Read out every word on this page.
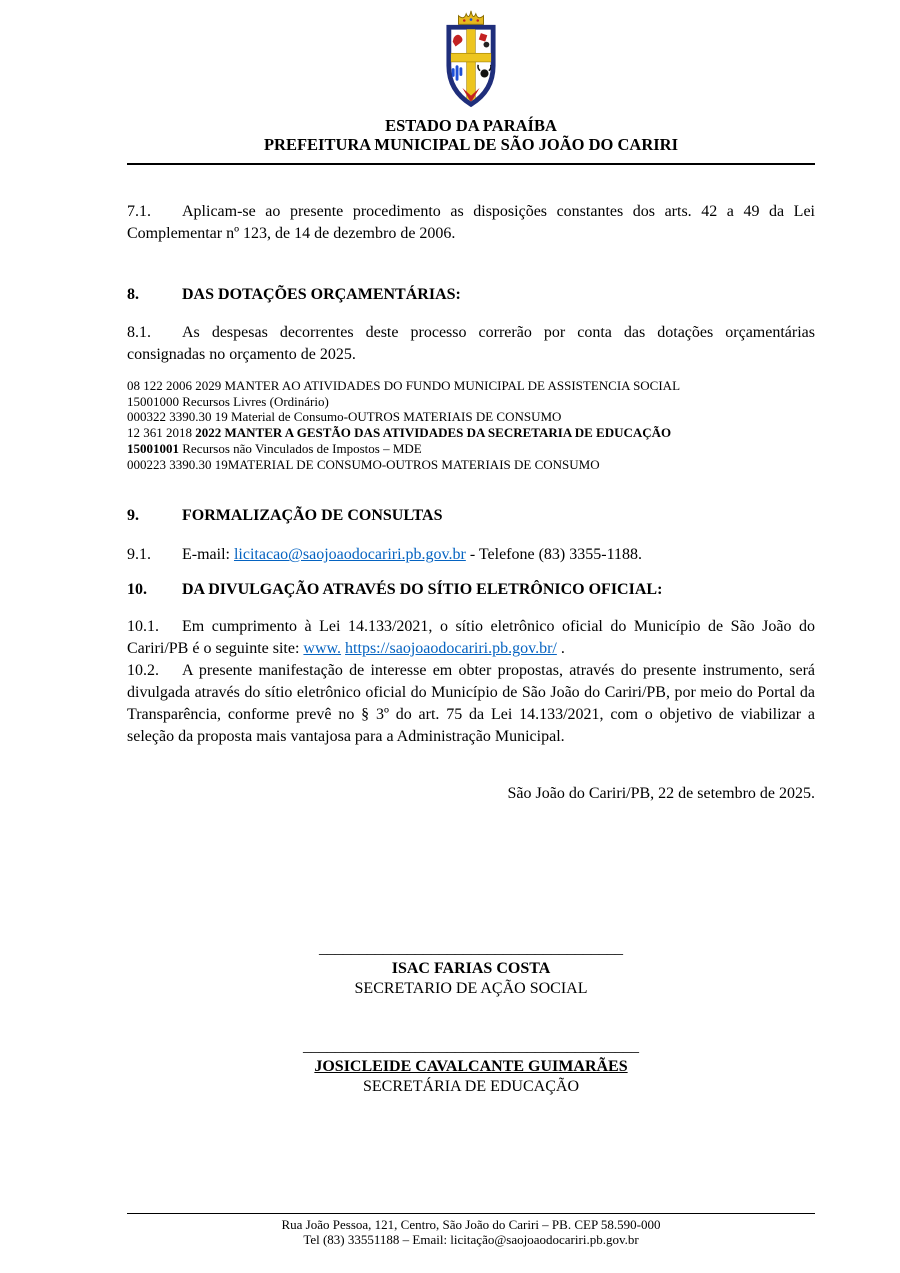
ESTADO DA PARAÍBA
PREFEITURA MUNICIPAL DE SÃO JOÃO DO CARIRI

7.1. Aplicam-se ao presente procedimento as disposições constantes dos arts. 42 a 49 da Lei Complementar nº 123, de 14 de dezembro de 2006.

8.	DAS DOTAÇÕES ORÇAMENTÁRIAS:

8.1. As despesas decorrentes deste processo correrão por conta das dotações orçamentárias consignadas no orçamento de 2025.

08 122 2006 2029 MANTER AO ATIVIDADES DO FUNDO MUNICIPAL DE ASSISTENCIA SOCIAL
15001000 Recursos Livres (Ordinário)
000322 3390.30 19 Material de Consumo-OUTROS MATERIAIS DE CONSUMO
12 361 2018 2022 MANTER A GESTÃO DAS ATIVIDADES DA SECRETARIA DE EDUCAÇÃO
15001001 Recursos não Vinculados de Impostos – MDE
000223 3390.30 19MATERIAL DE CONSUMO-OUTROS MATERIAIS DE CONSUMO

9.	FORMALIZAÇÃO DE CONSULTAS

9.1. E-mail: licitacao@saojoaodocariri.pb.gov.br - Telefone (83) 3355-1188.

10. DA DIVULGAÇÃO ATRAVÉS DO SÍTIO ELETRÔNICO OFICIAL:

10.1. Em cumprimento à Lei 14.133/2021, o sítio eletrônico oficial do Município de São João do Cariri/PB é o seguinte site: www. https://saojoaodocariri.pb.gov.br/ .

10.2. A presente manifestação de interesse em obter propostas, através do presente instrumento, será divulgada através do sítio eletrônico oficial do Município de São João do Cariri/PB, por meio do Portal da Transparência, conforme prevê no § 3º do art. 75 da Lei 14.133/2021, com o objetivo de viabilizar a seleção da proposta mais vantajosa para a Administração Municipal.

São João do Cariri/PB, 22 de setembro de 2025.

______________________________________
ISAC FARIAS COSTA
SECRETARIO DE AÇÃO SOCIAL
__________________________________________
JOSICLEIDE CAVALCANTE GUIMARÃES
SECRETÁRIA DE EDUCAÇÃO
Rua João Pessoa, 121, Centro, São João do Cariri – PB. CEP 58.590-000
Tel (83) 33551188 – Email: licitação@saojoaodocariri.pb.gov.br
